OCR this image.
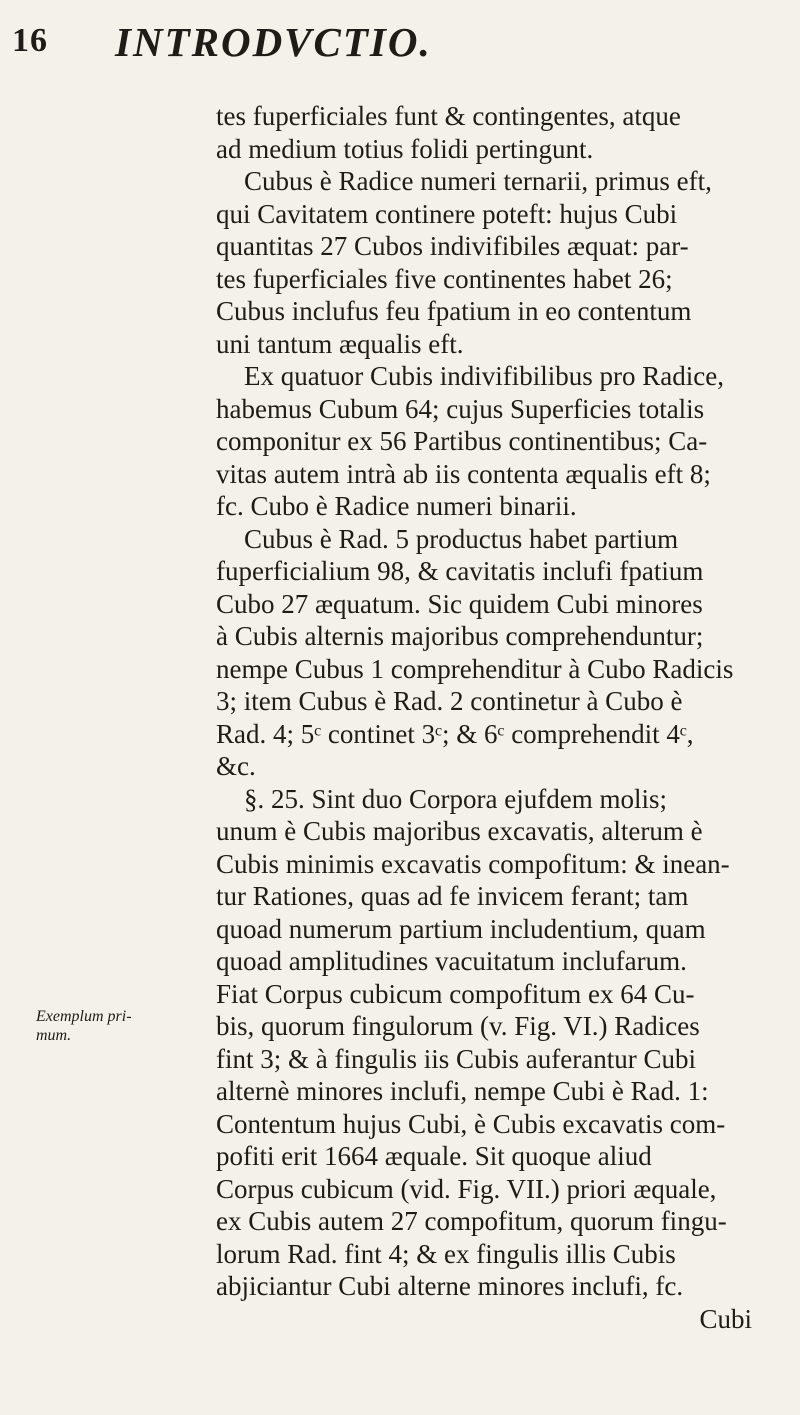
16 INTRODVCTIO.
Exemplum pri-
mum.
tes fuperficiales funt & contingentes, atque
ad medium totius folidi pertingunt.
Cubus è Radice numeri ternarii, primus eft,
qui Cavitatem continere poteft: hujus Cubi
quantitas 27 Cubos indivifibiles æquat: par-
tes fuperficiales five continentes habet 26;
Cubus inclufus feu fpatium in eo contentum
uni tantum æqualis eft.
Ex quatuor Cubis indivifibilibus pro Radice,
habemus Cubum 64; cujus Superficies totalis
componitur ex 56 Partibus continentibus; Ca-
vitas autem intrà ab iis contenta æqualis eft 8;
fc. Cubo è Radice numeri binarii.
Cubus è Rad. 5 productus habet partium
fuperficialium 98, & cavitatis inclufi fpatium
Cubo 27 æquatum. Sic quidem Cubi minores
à Cubis alternis majoribus comprehenduntur;
nempe Cubus 1 comprehenditur à Cubo Radicis
3; item Cubus è Rad. 2 continetur à Cubo è
Rad. 4; 5ᶜ continet 3ᶜ; & 6ᶜ comprehendit 4ᶜ,
&c.
§. 25. Sint duo Corpora ejufdem molis;
unum è Cubis majoribus excavatis, alterum è
Cubis minimis excavatis compofitum: & inean-
tur Rationes, quas ad fe invicem ferant; tam
quoad numerum partium includentium, quam
quoad amplitudines vacuitatum inclufarum.
Fiat Corpus cubicum compofitum ex 64 Cu-
bis, quorum fingulorum (v. Fig. VI.) Radices
fint 3; & à fingulis iis Cubis auferantur Cubi
alternè minores inclufi, nempe Cubi è Rad. 1:
Contentum hujus Cubi, è Cubis excavatis com-
pofiti erit 1664 æquale. Sit quoque aliud
Corpus cubicum (vid. Fig. VII.) priori æquale,
ex Cubis autem 27 compofitum, quorum fingu-
lorum Rad. fint 4; & ex fingulis illis Cubis
abjiciantur Cubi alterne minores inclufi, fc.
Cubi
